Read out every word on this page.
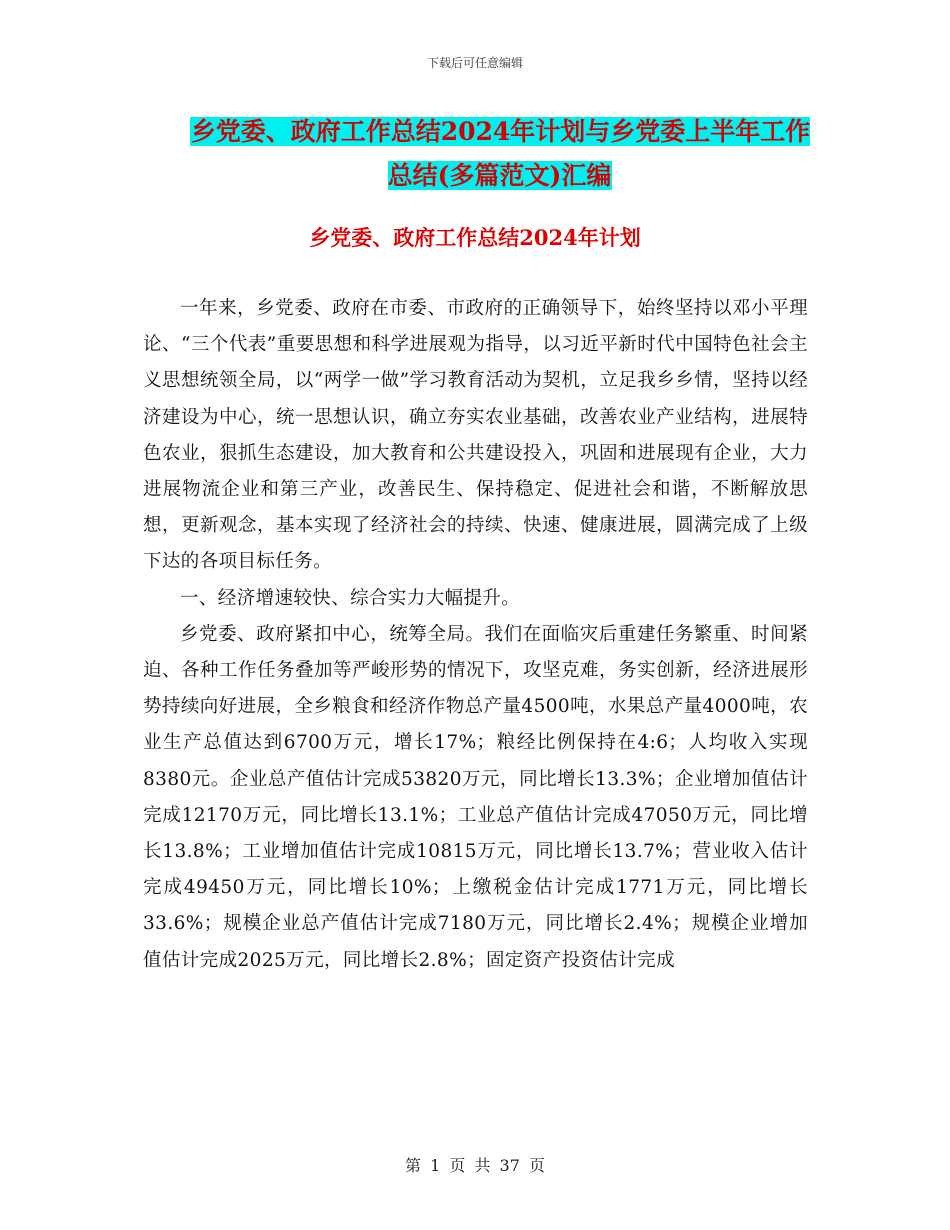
下载后可任意编辑
乡党委、政府工作总结2024年计划与乡党委上半年工作总结(多篇范文)汇编
乡党委、政府工作总结2024年计划

一年来，乡党委、政府在市委、市政府的正确领导下，始终坚持以邓小平理论、“三个代表”重要思想和科学进展观为指导，以习近平新时代中国特色社会主义思想统领全局，以“两学一做”学习教育活动为契机，立足我乡乡情，坚持以经济建设为中心，统一思想认识，确立夯实农业基础，改善农业产业结构，进展特色农业，狠抓生态建设，加大教育和公共建设投入，巩固和进展现有企业，大力进展物流企业和第三产业，改善民生、保持稳定、促进社会和谐，不断解放思想，更新观念，基本实现了经济社会的持续、快速、健康进展，圆满完成了上级下达的各项目标任务。

一、经济增速较快、综合实力大幅提升。

乡党委、政府紧扣中心，统筹全局。我们在面临灾后重建任务繁重、时间紧迫、各种工作任务叠加等严峻形势的情况下，攻坚克难，务实创新，经济进展形势持续向好进展，全乡粮食和经济作物总产量4500吨，水果总产量4000吨，农业生产总值达到6700万元，增长17%；粮经比例保持在4:6；人均收入实现8380元。企业总产值估计完成53820万元，同比增长13.3%；企业增加值估计完成12170万元，同比增长13.1%；工业总产值估计完成47050万元，同比增长13.8%；工业增加值估计完成10815万元，同比增长13.7%；营业收入估计完成49450万元，同比增长10%；上缴税金估计完成1771万元，同比增长33.6%；规模企业总产值估计完成7180万元，同比增长2.4%；规模企业增加值估计完成2025万元，同比增长2.8%；固定资产投资估计完成

第 1 页 共 37 页
